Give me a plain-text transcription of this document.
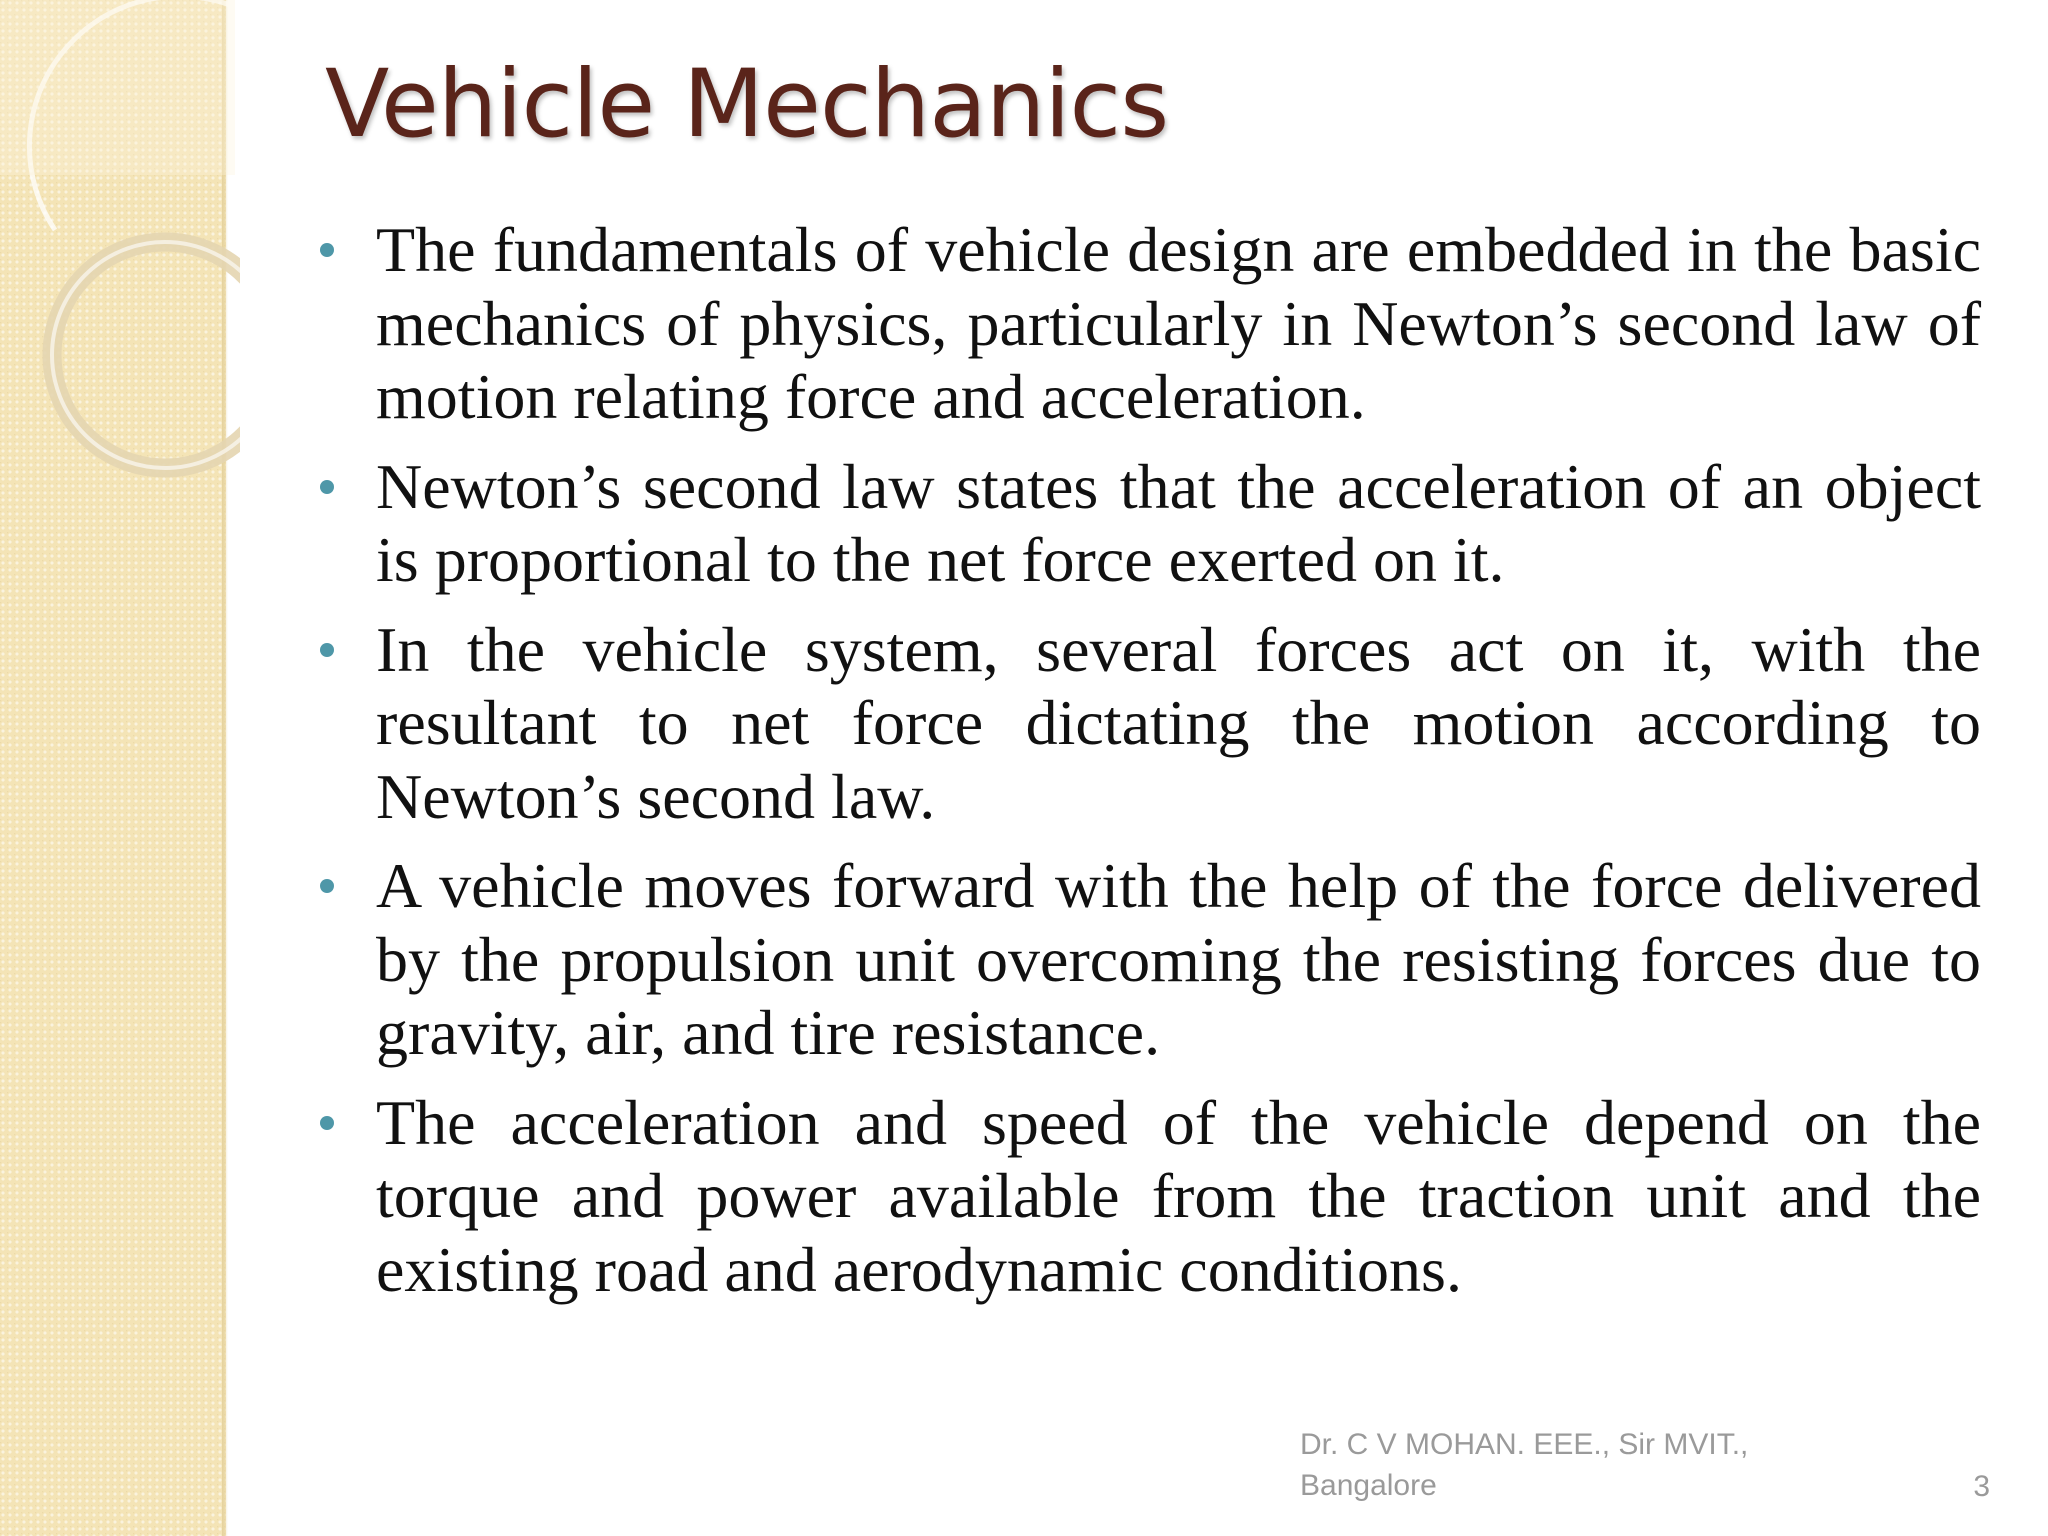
Vehicle Mechanics
The fundamentals of vehicle design are embedded in the basic mechanics of physics, particularly in Newton’s second law of motion relating force and acceleration.
Newton’s second law states that the acceleration of an object is proportional to the net force exerted on it.
In the vehicle system, several forces act on it, with the resultant to net force dictating the motion according to Newton’s second law.
A vehicle moves forward with the help of the force delivered by the propulsion unit overcoming the resisting forces due to gravity, air, and tire resistance.
The acceleration and speed of the vehicle depend on the torque and power available from the traction unit and the existing road and aerodynamic conditions.
Dr. C V MOHAN. EEE., Sir MVIT.,
Bangalore	3
